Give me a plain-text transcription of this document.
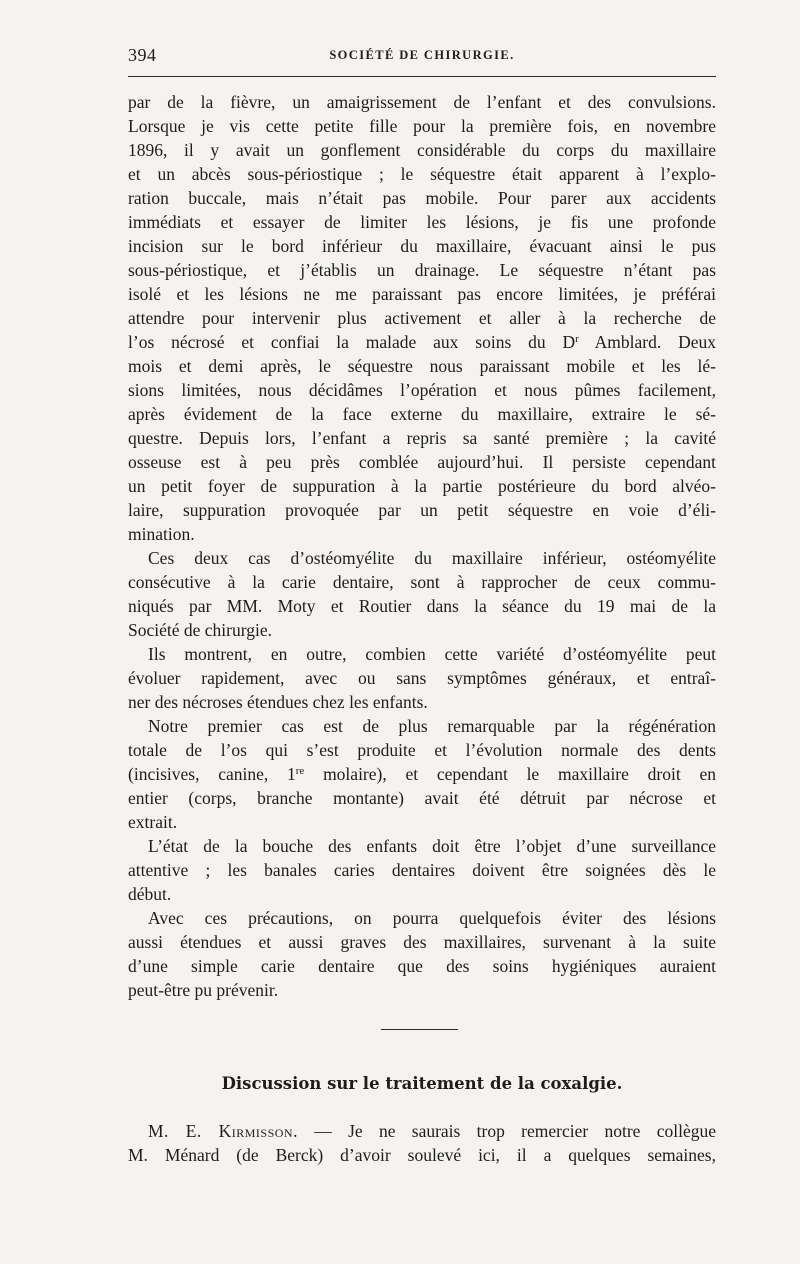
394	SOCIÉTÉ DE CHIRURGIE.
par de la fièvre, un amaigrissement de l’enfant et des convulsions.
Lorsque je vis cette petite fille pour la première fois, en novembre
1896, il y avait un gonflement considérable du corps du maxillaire
et un abcès sous-périostique ; le séquestre était apparent à l’explo-
ration buccale, mais n’était pas mobile. Pour parer aux accidents
immédiats et essayer de limiter les lésions, je fis une profonde
incision sur le bord inférieur du maxillaire, évacuant ainsi le pus
sous-périostique, et j’établis un drainage. Le séquestre n’étant pas
isolé et les lésions ne me paraissant pas encore limitées, je préférai
attendre pour intervenir plus activement et aller à la recherche de
l’os nécrosé et confiai la malade aux soins du $D^r$ Amblard. Deux
mois et demi après, le séquestre nous paraissant mobile et les lé-
sions limitées, nous décidâmes l’opération et nous pûmes facilement,
après évidement de la face externe du maxillaire, extraire le sé-
questre. Depuis lors, l’enfant a repris sa santé première ; la cavité
osseuse est à peu près comblée aujourd’hui. Il persiste cependant
un petit foyer de suppuration à la partie postérieure du bord alvéo-
laire, suppuration provoquée par un petit séquestre en voie d’éli-
mination.
Ces deux cas d’ostéomyélite du maxillaire inférieur, ostéomyélite
consécutive à la carie dentaire, sont à rapprocher de ceux commu-
niqués par MM. Moty et Routier dans la séance du 19 mai de la
Société de chirurgie.
Ils montrent, en outre, combien cette variété d’ostéomyélite peut
évoluer rapidement, avec ou sans symptômes généraux, et entraî-
ner des nécroses étendues chez les enfants.
Notre premier cas est de plus remarquable par la régénération
totale de l’os qui s’est produite et l’évolution normale des dents
(incisives, canine, 1re molaire), et cependant le maxillaire droit en
entier (corps, branche montante) avait été détruit par nécrose et
extrait.
L’état de la bouche des enfants doit être l’objet d’une surveillance
attentive ; les banales caries dentaires doivent être soignées dès le
début.
Avec ces précautions, on pourra quelquefois éviter des lésions
aussi étendues et aussi graves des maxillaires, survenant à la suite
d’une simple carie dentaire que des soins hygiéniques auraient
peut-être pu prévenir.
Discussion sur le traitement de la coxalgie.
M. E. Kirmisson. — Je ne saurais trop remercier notre collègue
M. Ménard (de Berck) d’avoir soulevé ici, il a quelques semaines,
